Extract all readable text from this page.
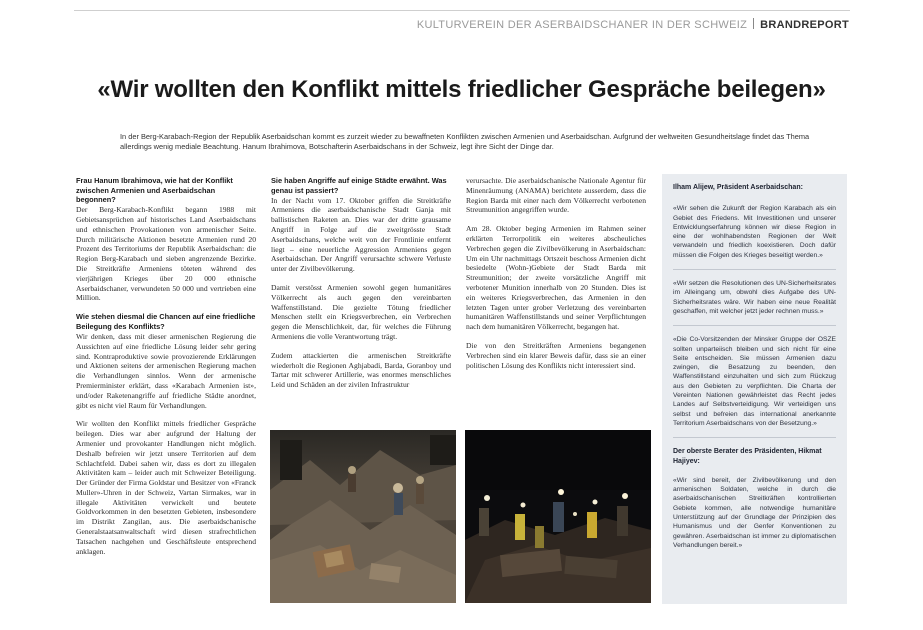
KULTURVEREIN DER ASERBAIDSCHANER IN DER SCHWEIZ BRANDREPORT
«Wir wollten den Konflikt mittels friedlicher Gespräche beilegen»

In der Berg-Karabach-Region der Republik Aserbaidschan kommt es zurzeit wieder zu bewaffneten Konflikten zwischen Armenien und Aserbaidschan. Aufgrund der weltweiten Gesundheitslage findet das Thema allerdings wenig mediale Beachtung. Hanum Ibrahimova, Botschafterin Aserbaidschans in der Schweiz, legt ihre Sicht der Dinge dar.

Frau Hanum Ibrahimova, wie hat der Konflikt zwischen Armenien und Aserbaidschan begonnen?

Der Berg-Karabach-Konflikt begann 1988 mit Gebietsansprüchen auf historisches Land Aserbaidschans und ethnischen Provokationen von armenischer Seite. Durch militärische Aktionen besetzte Armenien rund 20 Prozent des Territoriums der Republik Aserbaidschan: die Region Berg-Karabach und sieben angrenzende Bezirke. Die Streitkräfte Armeniens töteten während des vierjährigen Krieges über 20 000 ethnische Aserbaidschaner, verwundeten 50 000 und vertrieben eine Million.

Wie stehen diesmal die Chancen auf eine friedliche Beilegung des Konflikts?

Wir denken, dass mit dieser armenischen Regierung die Aussichten auf eine friedliche Lösung leider sehr gering sind. Kontraproduktive sowie provozierende Erklärungen und Aktionen seitens der armenischen Regierung machen die Verhandlungen sinnlos. Wenn der armenische Premierminister erklärt, dass «Karabach Armenien ist», und/oder Raketenangriffe auf friedliche Städte anordnet, gibt es nicht viel Raum für Verhandlungen.

Wir wollten den Konflikt mittels friedlicher Gespräche beilegen. Dies war aber aufgrund der Haltung der Armenier und provokanter Handlungen nicht möglich. Deshalb befreien wir jetzt unsere Territorien auf dem Schlachtfeld. Dabei sahen wir, dass es dort zu illegalen Aktivitäten kam – leider auch mit Schweizer Beteiligung. Der Gründer der Firma Goldstar und Besitzer von «Franck Muller»-Uhren in der Schweiz, Vartan Sirmakes, war in illegale Aktivitäten verwickelt und beutete Goldvorkommen in den besetzten Gebieten, insbesondere im Distrikt Zangilan, aus. Die aserbaidschanische Generalstaatsanwaltschaft wird diesen strafrechtlichen Tatsachen nachgehen und Geschäftsleute entsprechend anklagen.

Sie haben Angriffe auf einige Städte erwähnt. Was genau ist passiert?

In der Nacht vom 17. Oktober griffen die Streitkräfte Armeniens die aserbaidschanische Stadt Ganja mit ballistischen Raketen an. Dies war der dritte grausame Angriff in Folge auf die zweitgrösste Stadt Aserbaidschans, welche weit von der Frontlinie entfernt liegt – eine neuerliche Aggression Armeniens gegen Aserbaidschan. Der Angriff verursachte schwere Verluste unter der Zivilbevölkerung.

Damit verstösst Armenien sowohl gegen humanitäres Völkerrecht als auch gegen den vereinbarten Waffenstillstand. Die gezielte Tötung friedlicher Menschen stellt ein Kriegsverbrechen, ein Verbrechen gegen die Menschlichkeit, dar, für welches die Führung Armeniens die volle Verantwortung trägt.

Zudem attackierten die armenischen Streitkräfte wiederholt die Regionen Aghjabadi, Barda, Goranboy und Tartar mit schwerer Artillerie, was enormes menschliches Leid und Schäden an der zivilen Infrastruktur

verursachte. Die aserbaidschanische Nationale Agentur für Minenräumung (ANAMA) berichtete ausserdem, dass die Region Barda mit einer nach dem Völkerrecht verbotenen Streumunition angegriffen wurde.

Am 28. Oktober beging Armenien im Rahmen seiner erklärten Terrorpolitik ein weiteres abscheuliches Verbrechen gegen die Zivilbevölkerung in Aserbaidschan: Um ein Uhr nachmittags Ortszeit beschoss Armenien dicht besiedelte (Wohn-)Gebiete der Stadt Barda mit Streumunition; der zweite vorsätzliche Angriff mit verbotener Munition innerhalb von 20 Stunden. Dies ist ein weiteres Kriegsverbrechen, das Armenien in den letzten Tagen unter grober Verletzung des vereinbarten humanitären Waffenstillstands und seiner Verpflichtungen nach dem humanitären Völkerrecht, begangen hat.

Die von den Streitkräften Armeniens begangenen Verbrechen sind ein klarer Beweis dafür, dass sie an einer politischen Lösung des Konflikts nicht interessiert sind.

Ilham Alijew, Präsident Aserbaidschan:

«Wir sehen die Zukunft der Region Karabach als ein Gebiet des Friedens. Mit Investitionen und unserer Entwicklungserfahrung können wir diese Region in eine der wohlhabendsten Regionen der Welt verwandeln und friedlich koexistieren. Doch dafür müssen die Folgen des Krieges beseitigt werden.»

«Wir setzen die Resolutionen des UN-Sicherheitsrates im Alleingang um, obwohl dies Aufgabe des UN-Sicherheitsrates wäre. Wir haben eine neue Realität geschaffen, mit welcher jetzt jeder rechnen muss.»

«Die Co-Vorsitzenden der Minsker Gruppe der OSZE sollten unparteiisch bleiben und sich nicht für eine Seite entscheiden. Sie müssen Armenien dazu zwingen, die Besatzung zu beenden, den Waffenstillstand einzuhalten und sich zum Rückzug aus den Gebieten zu verpflichten. Die Charta der Vereinten Nationen gewährleistet das Recht jedes Landes auf Selbstverteidigung. Wir verteidigen uns selbst und befreien das international anerkannte Territorium Aserbaidschans von der Besetzung.»

Der oberste Berater des Präsidenten, Hikmat Hajiyev:

«Wir sind bereit, der Zivilbevölkerung und den armenischen Soldaten, welche in durch die aserbaidschanischen Streitkräften kontrollierten Gebiete kommen, alle notwendige humanitäre Unterstützung auf der Grundlage der Prinzipien des Humanismus und der Genfer Konventionen zu gewähren. Aserbaidschan ist immer zu diplomatischen Verhandlungen bereit.»
